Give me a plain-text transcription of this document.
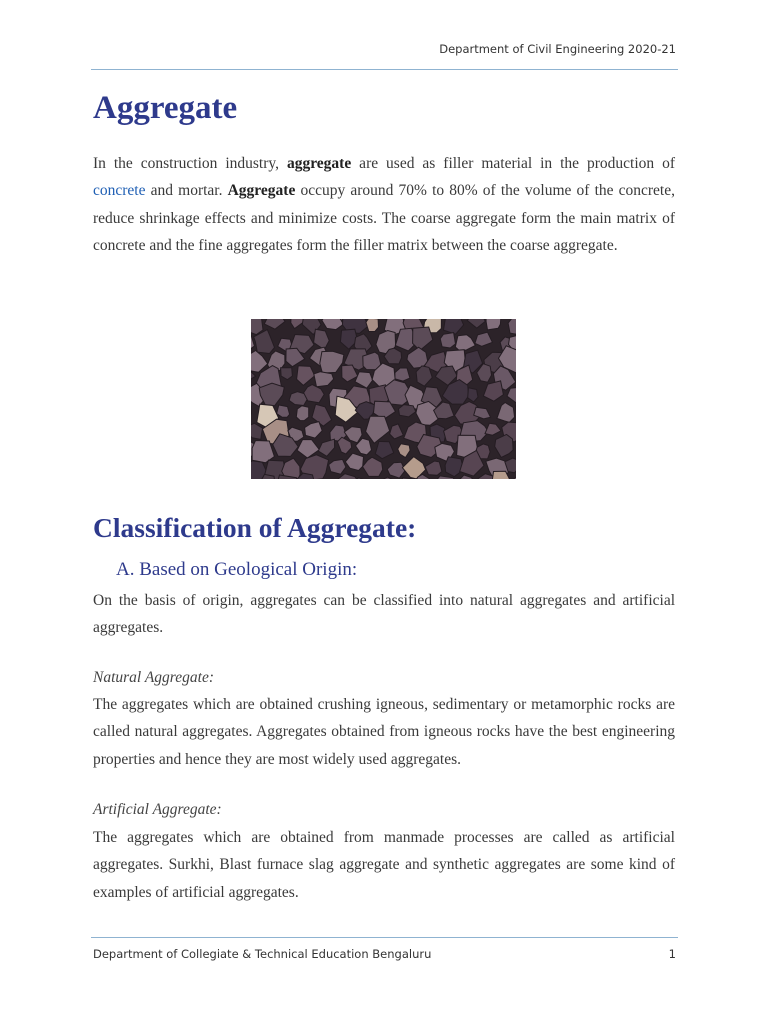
Department of Civil Engineering 2020-21
Aggregate

In the construction industry, aggregate are used as filler material in the production of concrete and mortar. Aggregate occupy around 70% to 80% of the volume of the concrete, reduce shrinkage effects and minimize costs. The coarse aggregate form the main matrix of concrete and the fine aggregates form the filler matrix between the coarse aggregate.

Classification of Aggregate:
A. Based on Geological Origin:

On the basis of origin, aggregates can be classified into natural aggregates and artificial aggregates.

Natural Aggregate:

The aggregates which are obtained crushing igneous, sedimentary or metamorphic rocks are called natural aggregates. Aggregates obtained from igneous rocks have the best engineering properties and hence they are most widely used aggregates.

Artificial Aggregate:

The aggregates which are obtained from manmade processes are called as artificial aggregates. Surkhi, Blast furnace slag aggregate and synthetic aggregates are some kind of examples of artificial aggregates.

Department of Collegiate & Technical Education Bengaluru	1
